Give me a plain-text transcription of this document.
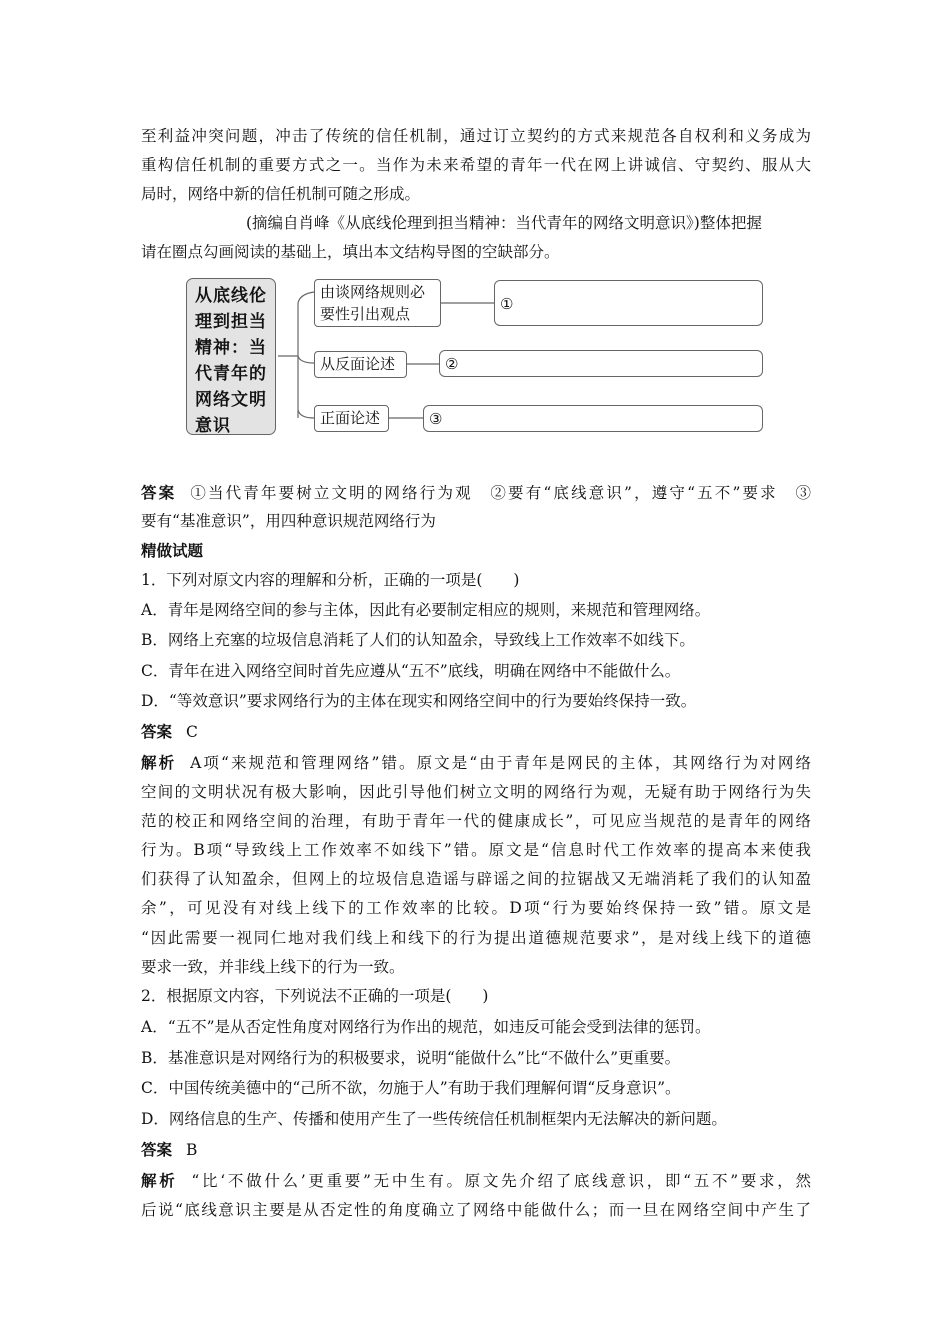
至利益冲突问题，冲击了传统的信任机制，通过订立契约的方式来规范各自权利和义务成为
重构信任机制的重要方式之一。当作为未来希望的青年一代在网上讲诚信、守契约、服从大
局时，网络中新的信任机制可随之形成。
(摘编自肖峰《从底线伦理到担当精神：当代青年的网络文明意识》)整体把握
请在圈点勾画阅读的基础上，填出本文结构导图的空缺部分。
从底线伦
理到担当
精神：当
代青年的
网络文明
意识
由谈网络规则必
要性引出观点
从反面论述
正面论述
①
②
③
答案 ①当代青年要树立文明的网络行为观　②要有“底线意识”，遵守“五不”要求　③
要有“基准意识”，用四种意识规范网络行为
精做试题
1．下列对原文内容的理解和分析，正确的一项是(　　)
A．青年是网络空间的参与主体，因此有必要制定相应的规则，来规范和管理网络。
B．网络上充塞的垃圾信息消耗了人们的认知盈余，导致线上工作效率不如线下。
C．青年在进入网络空间时首先应遵从“五不”底线，明确在网络中不能做什么。
D．“等效意识”要求网络行为的主体在现实和网络空间中的行为要始终保持一致。
答案 C
解析 A项“来规范和管理网络”错。原文是“由于青年是网民的主体，其网络行为对网络
空间的文明状况有极大影响，因此引导他们树立文明的网络行为观，无疑有助于网络行为失
范的校正和网络空间的治理，有助于青年一代的健康成长”，可见应当规范的是青年的网络
行为。B项“导致线上工作效率不如线下”错。原文是“信息时代工作效率的提高本来使我
们获得了认知盈余，但网上的垃圾信息造谣与辟谣之间的拉锯战又无端消耗了我们的认知盈
余”，可见没有对线上线下的工作效率的比较。D项“行为要始终保持一致”错。原文是
“因此需要一视同仁地对我们线上和线下的行为提出道德规范要求”，是对线上线下的道德
要求一致，并非线上线下的行为一致。
2．根据原文内容，下列说法不正确的一项是(　　)
A．“五不”是从否定性角度对网络行为作出的规范，如违反可能会受到法律的惩罚。
B．基准意识是对网络行为的积极要求，说明“能做什么”比“不做什么”更重要。
C．中国传统美德中的“己所不欲，勿施于人”有助于我们理解何谓“反身意识”。
D．网络信息的生产、传播和使用产生了一些传统信任机制框架内无法解决的新问题。
答案 B
解析 “比‘不做什么’更重要”无中生有。原文先介绍了底线意识，即“五不”要求，然
后说“底线意识主要是从否定性的角度确立了网络中能做什么；而一旦在网络空间中产生了
